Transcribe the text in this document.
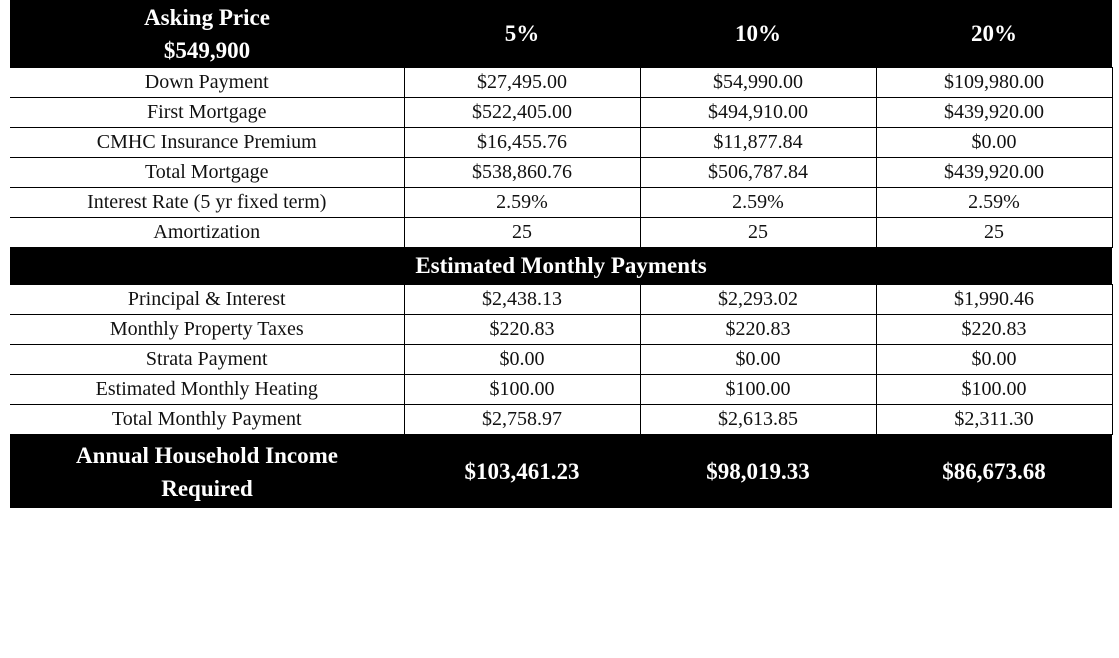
Asking Price
$549,900	5%	10%	20%
Down Payment	$27,495.00	$54,990.00	$109,980.00
First Mortgage	$522,405.00	$494,910.00	$439,920.00
CMHC Insurance Premium	$16,455.76	$11,877.84	$0.00
Total Mortgage	$538,860.76	$506,787.84	$439,920.00
Interest Rate (5 yr fixed term)	2.59%	2.59%	2.59%
Amortization	25	25	25
Estimated Monthly Payments			
Principal & Interest	$2,438.13	$2,293.02	$1,990.46
Monthly Property Taxes	$220.83	$220.83	$220.83
Strata Payment	$0.00	$0.00	$0.00
Estimated Monthly Heating	$100.00	$100.00	$100.00
Total Monthly Payment	$2,758.97	$2,613.85	$2,311.30

Annual Household Income
Required	$103,461.23	$98,019.33	$86,673.68
